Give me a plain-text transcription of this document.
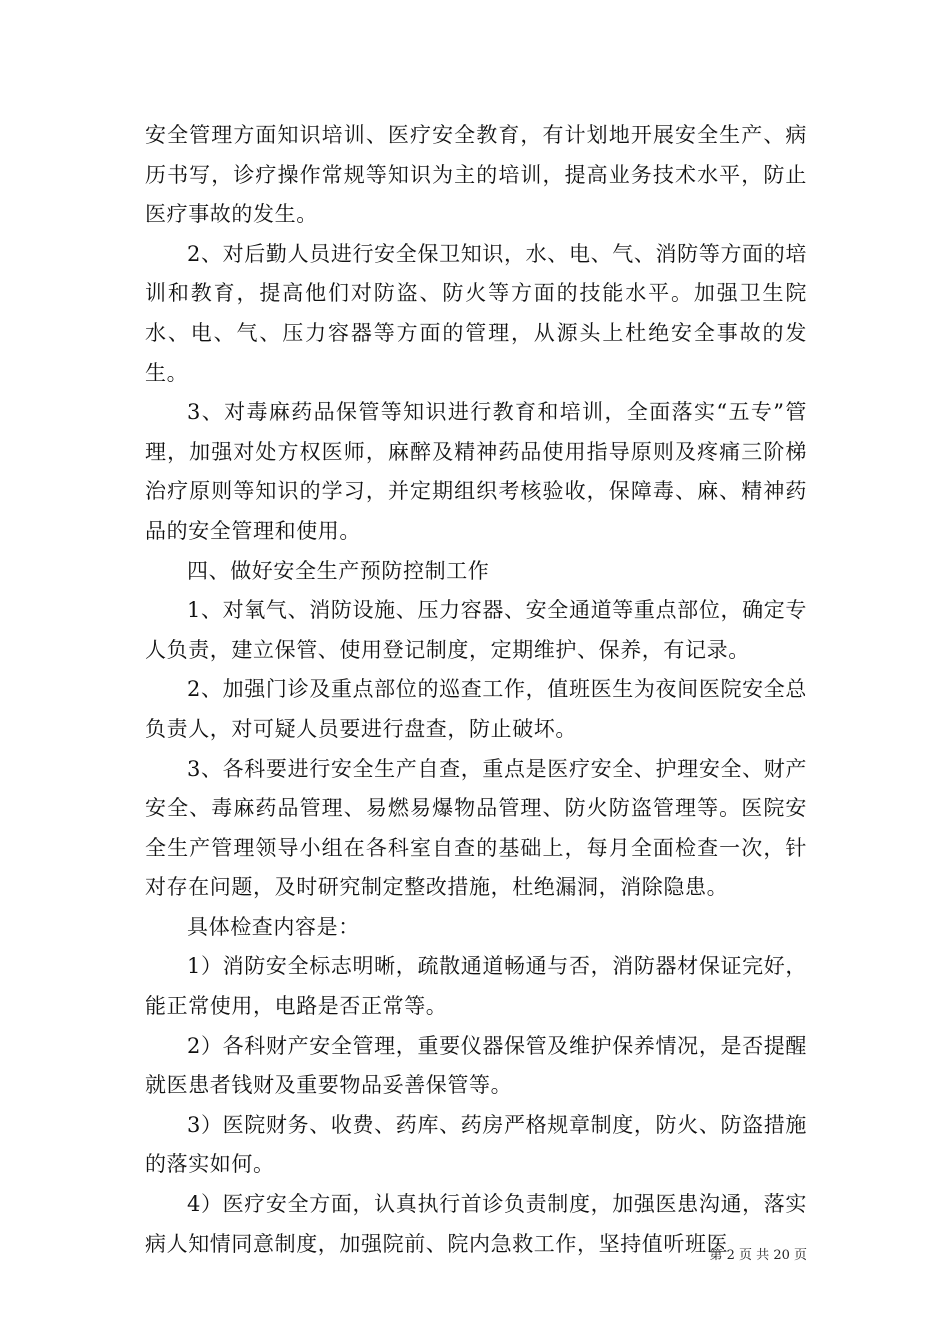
安全管理方面知识培训、医疗安全教育，有计划地开展安全生产、病历书写，诊疗操作常规等知识为主的培训，提高业务技术水平，防止医疗事故的发生。

2、对后勤人员进行安全保卫知识，水、电、气、消防等方面的培训和教育，提高他们对防盗、防火等方面的技能水平。加强卫生院水、电、气、压力容器等方面的管理，从源头上杜绝安全事故的发生。

3、对毒麻药品保管等知识进行教育和培训，全面落实“五专”管理，加强对处方权医师，麻醉及精神药品使用指导原则及疼痛三阶梯治疗原则等知识的学习，并定期组织考核验收，保障毒、麻、精神药品的安全管理和使用。

四、做好安全生产预防控制工作

1、对氧气、消防设施、压力容器、安全通道等重点部位，确定专人负责，建立保管、使用登记制度，定期维护、保养，有记录。

2、加强门诊及重点部位的巡查工作，值班医生为夜间医院安全总负责人，对可疑人员要进行盘查，防止破坏。

3、各科要进行安全生产自查，重点是医疗安全、护理安全、财产安全、毒麻药品管理、易燃易爆物品管理、防火防盗管理等。医院安全生产管理领导小组在各科室自查的基础上，每月全面检查一次，针对存在问题，及时研究制定整改措施，杜绝漏洞，消除隐患。

具体检查内容是：

1）消防安全标志明晰，疏散通道畅通与否，消防器材保证完好，能正常使用，电路是否正常等。

2）各科财产安全管理，重要仪器保管及维护保养情况，是否提醒就医患者钱财及重要物品妥善保管等。

3）医院财务、收费、药库、药房严格规章制度，防火、防盗措施的落实如何。

4）医疗安全方面，认真执行首诊负责制度，加强医患沟通，落实病人知情同意制度，加强院前、院内急救工作，坚持值听班医

第 2 页 共 20 页
